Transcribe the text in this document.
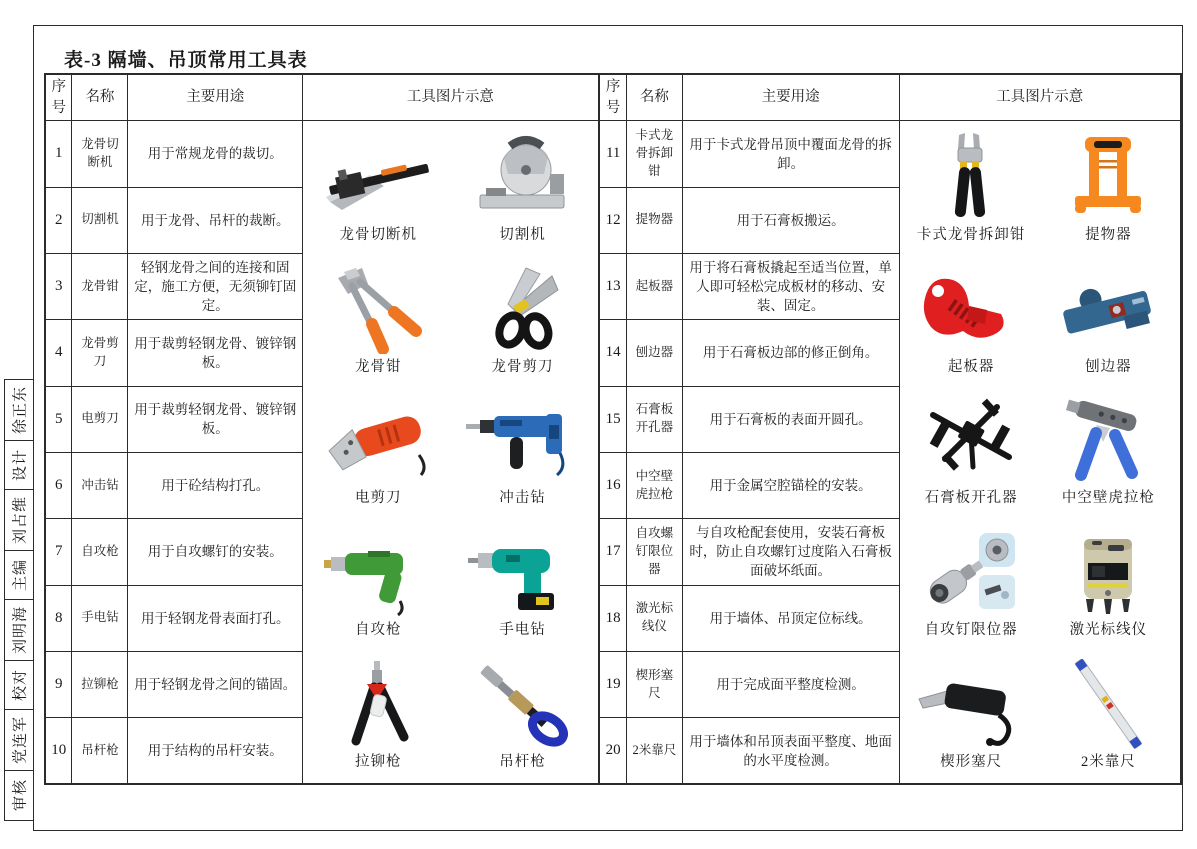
徐正东
设计
刘占维
主编
刘明海
校对
党连军
审核
表-3 隔墙、吊顶常用工具表
序号	名称	主要用途	工具图片示意
1	龙骨切断机	用于常规龙骨的裁切。	
龙骨切断机	切割机
龙骨钳	龙骨剪刀
电剪刀	冲击钻
自攻枪	手电钻
拉铆枪	吊杆枪

2	切割机	用于龙骨、吊杆的裁断。	
3	龙骨钳	轻钢龙骨之间的连接和固定，施工方便，无须铆钉固定。	
4	龙骨剪刀	用于裁剪轻钢龙骨、镀锌钢板。	
5	电剪刀	用于裁剪轻钢龙骨、镀锌钢板。	
6	冲击钻	用于砼结构打孔。	
7	自攻枪	用于自攻螺钉的安装。	
8	手电钻	用于轻钢龙骨表面打孔。	
9	拉铆枪	用于轻钢龙骨之间的锚固。	
10	吊杆枪	用于结构的吊杆安装。	
序号	名称	主要用途	工具图片示意
11	卡式龙骨拆卸钳	用于卡式龙骨吊顶中覆面龙骨的拆卸。	
卡式龙骨拆卸钳	提物器
起板器	刨边器
石膏板开孔器	中空壁虎拉枪
自攻钉限位器	激光标线仪
楔形塞尺	2米靠尺

12	提物器	用于石膏板搬运。	
13	起板器	用于将石膏板撬起至适当位置，单人即可轻松完成板材的移动、安装、固定。	
14	刨边器	用于石膏板边部的修正倒角。	
15	石膏板开孔器	用于石膏板的表面开圆孔。	
16	中空壁虎拉枪	用于金属空腔锚栓的安装。	
17	自攻螺钉限位器	与自攻枪配套使用，安装石膏板时，防止自攻螺钉过度陷入石膏板面破坏纸面。	
18	激光标线仪	用于墙体、吊顶定位标线。	
19	楔形塞尺	用于完成面平整度检测。	
20	2米靠尺	用于墙体和吊顶表面平整度、地面的水平度检测。	
